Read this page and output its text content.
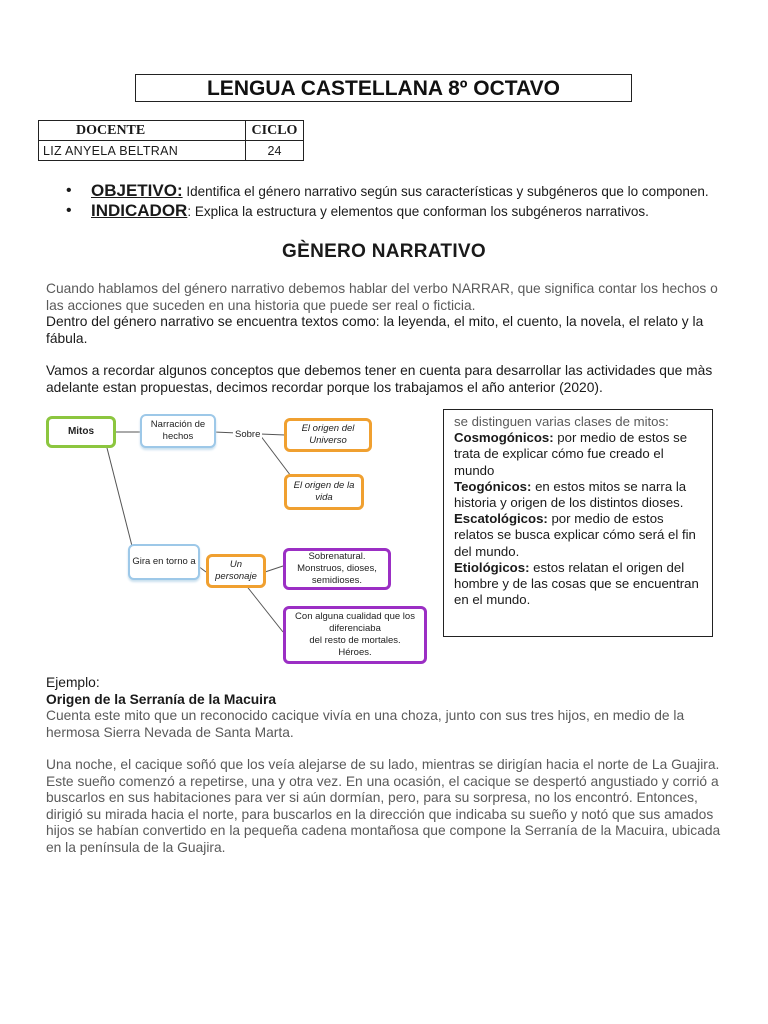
LENGUA CASTELLANA 8º OCTAVO
DOCENTE	CICLO
LIZ ANYELA BELTRAN	24
• OBJETIVO: Identifica el género narrativo según sus características y subgéneros que lo componen.
• INDICADOR: Explica la estructura y elementos que conforman los subgéneros narrativos.
GÈNERO NARRATIVO

Cuando hablamos del género narrativo debemos hablar del verbo NARRAR, que significa contar los hechos o las acciones que suceden en una historia que puede ser real o ficticia.

Dentro del género narrativo se encuentra textos como: la leyenda, el mito, el cuento, la novela, el relato y la fábula.

Vamos a recordar algunos conceptos que debemos tener en cuenta para desarrollar las actividades que màs adelante estan propuestas, decimos recordar porque los trabajamos el año anterior (2020).

Mitos
Narración de hechos	Sobre
El origen del Universo
El origen de la vida
Gira en torno a	Un personaje
Sobrenatural.
Monstruos, dioses, semidioses.
Con alguna cualidad que los diferenciaba
del resto de mortales.
Héroes.

se distinguen varias clases de mitos:

Cosmogónicos: por medio de estos se trata de explicar cómo fue creado el mundo

Teogónicos: en estos mitos se narra la historia y origen de los distintos dioses.

Escatológicos: por medio de estos relatos se busca explicar cómo será el fin del mundo.

Etiológicos: estos relatan el origen del hombre y de las cosas que se encuentran en el mundo.

Ejemplo:

Origen de la Serranía de la Macuira

Cuenta este mito que un reconocido cacique vivía en una choza, junto con sus tres hijos, en medio de la hermosa Sierra Nevada de Santa Marta.

Una noche, el cacique soñó que los veía alejarse de su lado, mientras se dirigían hacia el norte de La Guajira. Este sueño comenzó a repetirse, una y otra vez. En una ocasión, el cacique se despertó angustiado y corrió a buscarlos en sus habitaciones para ver si aún dormían, pero, para su sorpresa, no los encontró. Entonces, dirigió su mirada hacia el norte, para buscarlos en la dirección que indicaba su sueño y notó que sus amados hijos se habían convertido en la pequeña cadena montañosa que compone la Serranía de la Macuira, ubicada en la península de la Guajira.
